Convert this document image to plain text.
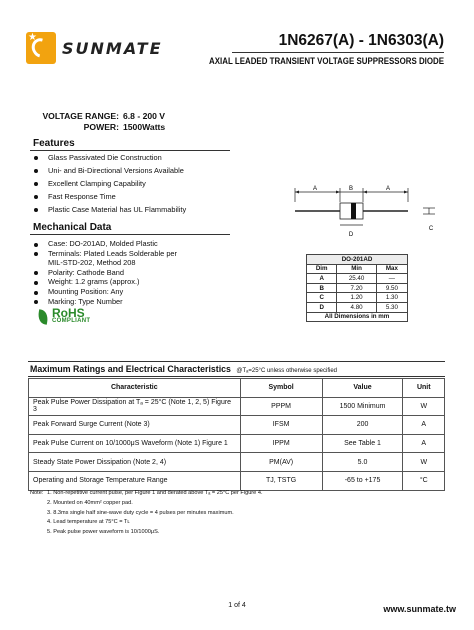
★
SUNMATE	1N6267(A) - 1N6303(A)
AXIAL LEADED TRANSIENT VOLTAGE SUPPRESSORS DIODE
VOLTAGE RANGE: 6.8 - 200 V
POWER: 1500Watts
Features
Glass Passivated Die Construction
Uni- and Bi-Directional Versions Available
Excellent Clamping Capability
Fast Response Time
Plastic Case Material has UL Flammability
Mechanical Data
Case: DO-201AD, Molded Plastic
Terminals: Plated Leads Solderable per
MIL-STD-202, Method 208
Polarity: Cathode Band
Weight: 1.2 grams (approx.)
Mounting Position: Any
Marking: Type Number
RoHS
COMPLIANT
A	B	A
C
D
DO-201AD		
Dim	Min	Max
A	25.40	—
B	7.20	9.50
C	1.20	1.30
D	4.80	5.30
All Dimensions in mm		
Maximum Ratings and Electrical Characteristics @Tₐ=25°C unless otherwise specified
Characteristic	Symbol	Value	Unit
Peak Pulse Power Dissipation at Tₐ = 25°C (Note 1, 2, 5) Figure 3	PPPM	1500 Minimum	W
Peak Forward Surge Current (Note 3)	IFSM	200	A
Peak Pulse Current on 10/1000μS Waveform (Note 1) Figure 1	IPPM	See Table 1	A
Steady State Power Dissipation (Note 2, 4)	PM(AV)	5.0	W
Operating and Storage Temperature Range	TJ, TSTG	-65 to +175	°C
Note: 1. Non-repetitive current pulse, per Figure 1 and derated above Tₐ = 25°C per Figure 4.
2. Mounted on 40mm² copper pad.
3. 8.3ms single half sine-wave duty cycle = 4 pulses per minutes maximum.
4. Lead temperature at 75°C = Tʟ
5. Peak pulse power waveform is 10/1000μS.
1 of 4	www.sunmate.tw
